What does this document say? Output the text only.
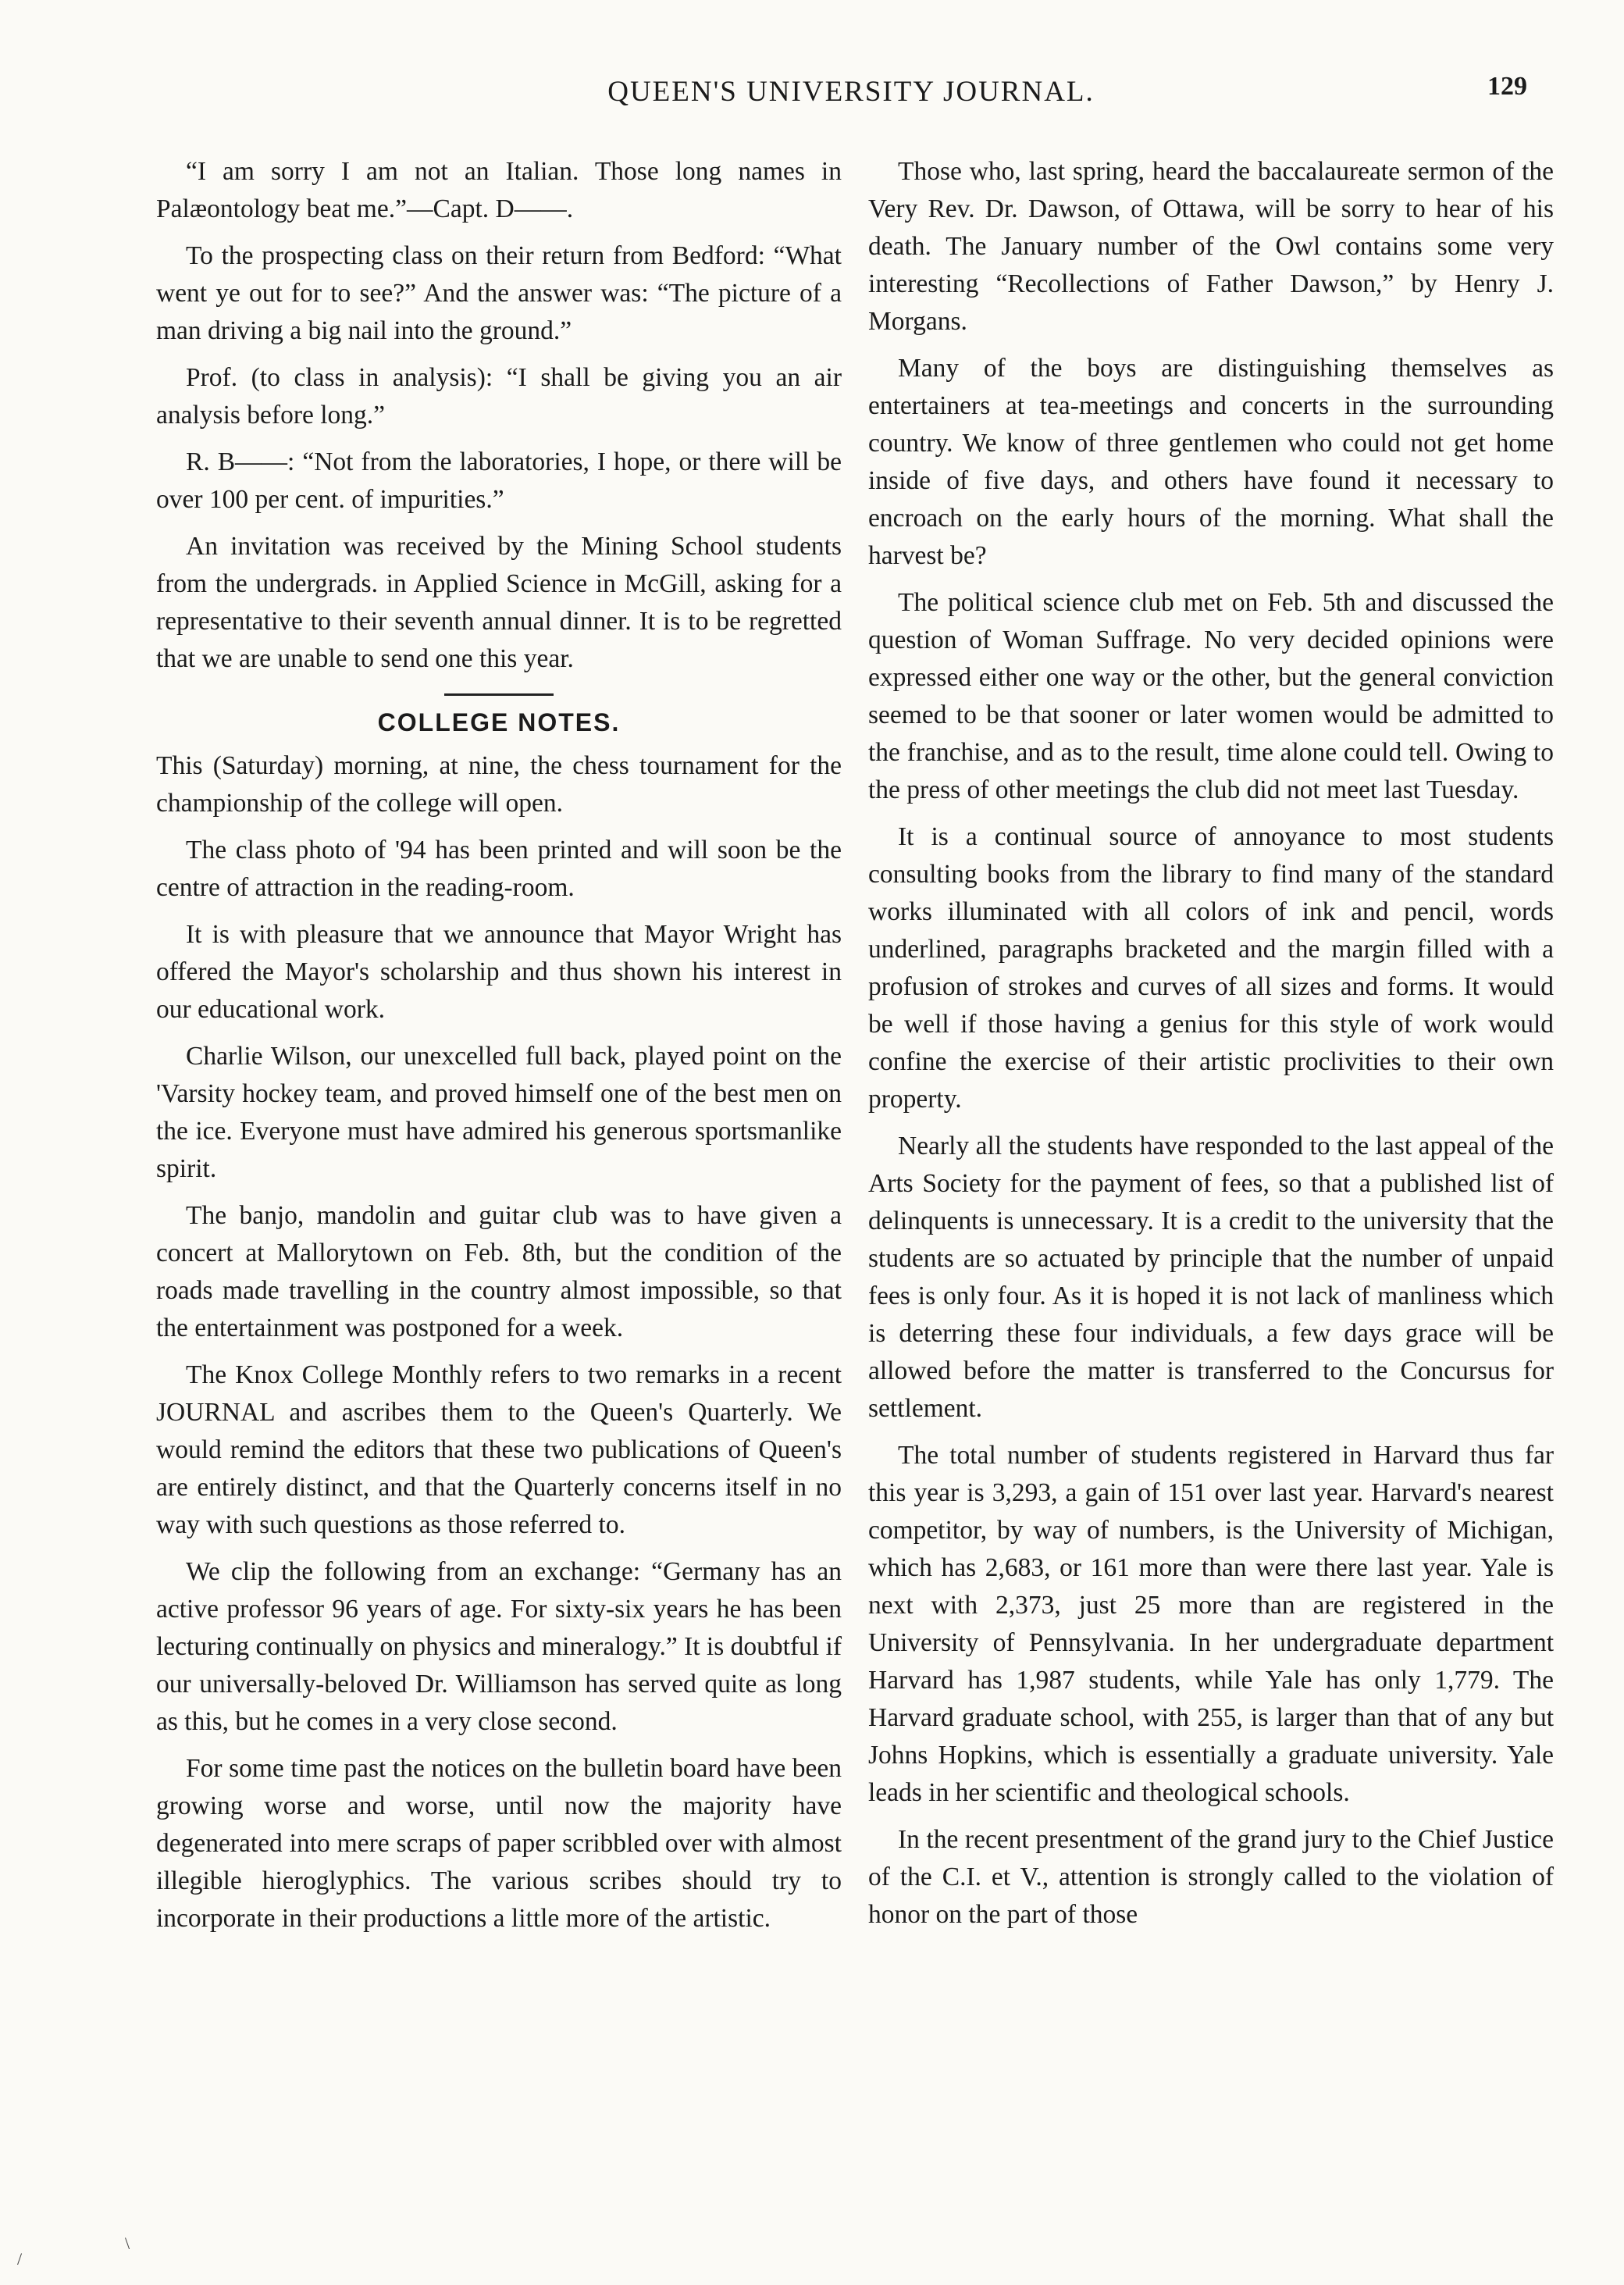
QUEEN'S UNIVERSITY JOURNAL.	129

“I am sorry I am not an Italian. Those long names in Palæontology beat me.”—Capt. D——.

To the prospecting class on their return from Bedford: “What went ye out for to see?” And the answer was: “The picture of a man driving a big nail into the ground.”

Prof. (to class in analysis): “I shall be giving you an air analysis before long.”

R. B——: “Not from the laboratories, I hope, or there will be over 100 per cent. of impurities.”

An invitation was received by the Mining School students from the undergrads. in Applied Science in McGill, asking for a representative to their seventh annual dinner. It is to be regretted that we are unable to send one this year.

COLLEGE NOTES.

This (Saturday) morning, at nine, the chess tournament for the championship of the college will open.

The class photo of '94 has been printed and will soon be the centre of attraction in the reading-room.

It is with pleasure that we announce that Mayor Wright has offered the Mayor's scholarship and thus shown his interest in our educational work.

Charlie Wilson, our unexcelled full back, played point on the 'Varsity hockey team, and proved himself one of the best men on the ice. Everyone must have admired his generous sportsmanlike spirit.

The banjo, mandolin and guitar club was to have given a concert at Mallorytown on Feb. 8th, but the condition of the roads made travelling in the country almost impossible, so that the entertainment was postponed for a week.

The Knox College Monthly refers to two remarks in a recent JOURNAL and ascribes them to the Queen's Quarterly. We would remind the editors that these two publications of Queen's are entirely distinct, and that the Quarterly concerns itself in no way with such questions as those referred to.

We clip the following from an exchange: “Germany has an active professor 96 years of age. For sixty-six years he has been lecturing continually on physics and mineralogy.” It is doubtful if our universally-beloved Dr. Williamson has served quite as long as this, but he comes in a very close second.

For some time past the notices on the bulletin board have been growing worse and worse, until now the majority have degenerated into mere scraps of paper scribbled over with almost illegible hieroglyphics. The various scribes should try to incorporate in their productions a little more of the artistic.

Those who, last spring, heard the baccalaureate sermon of the Very Rev. Dr. Dawson, of Ottawa, will be sorry to hear of his death. The January number of the Owl contains some very interesting “Recollections of Father Dawson,” by Henry J. Morgans.

Many of the boys are distinguishing themselves as entertainers at tea-meetings and concerts in the surrounding country. We know of three gentlemen who could not get home inside of five days, and others have found it necessary to encroach on the early hours of the morning. What shall the harvest be?

The political science club met on Feb. 5th and discussed the question of Woman Suffrage. No very decided opinions were expressed either one way or the other, but the general conviction seemed to be that sooner or later women would be admitted to the franchise, and as to the result, time alone could tell. Owing to the press of other meetings the club did not meet last Tuesday.

It is a continual source of annoyance to most students consulting books from the library to find many of the standard works illuminated with all colors of ink and pencil, words underlined, paragraphs bracketed and the margin filled with a profusion of strokes and curves of all sizes and forms. It would be well if those having a genius for this style of work would confine the exercise of their artistic proclivities to their own property.

Nearly all the students have responded to the last appeal of the Arts Society for the payment of fees, so that a published list of delinquents is unnecessary. It is a credit to the university that the students are so actuated by principle that the number of unpaid fees is only four. As it is hoped it is not lack of manliness which is deterring these four individuals, a few days grace will be allowed before the matter is transferred to the Concursus for settlement.

The total number of students registered in Harvard thus far this year is 3,293, a gain of 151 over last year. Harvard's nearest competitor, by way of numbers, is the University of Michigan, which has 2,683, or 161 more than were there last year. Yale is next with 2,373, just 25 more than are registered in the University of Pennsylvania. In her undergraduate department Harvard has 1,987 students, while Yale has only 1,779. The Harvard graduate school, with 255, is larger than that of any but Johns Hopkins, which is essentially a graduate university. Yale leads in her scientific and theological schools.

In the recent presentment of the grand jury to the Chief Justice of the C.I. et V., attention is strongly called to the violation of honor on the part of those

/
\
